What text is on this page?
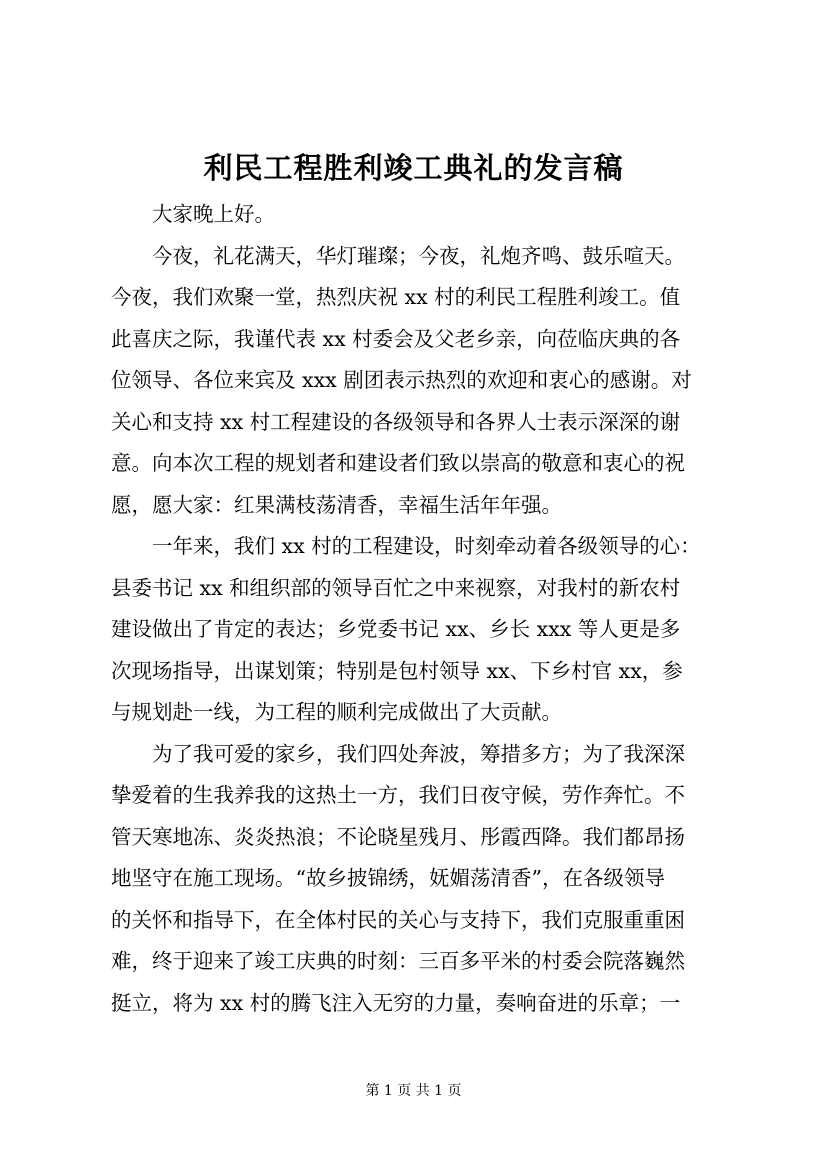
利民工程胜利竣工典礼的发言稿

大家晚上好。

今夜，礼花满天，华灯璀璨；今夜，礼炮齐鸣、鼓乐喧天。
今夜，我们欢聚一堂，热烈庆祝 xx 村的利民工程胜利竣工。值
此喜庆之际，我谨代表 xx 村委会及父老乡亲，向莅临庆典的各
位领导、各位来宾及 xxx 剧团表示热烈的欢迎和衷心的感谢。对
关心和支持 xx 村工程建设的各级领导和各界人士表示深深的谢
意。向本次工程的规划者和建设者们致以崇高的敬意和衷心的祝
愿，愿大家：红果满枝荡清香，幸福生活年年强。

一年来，我们 xx 村的工程建设，时刻牵动着各级领导的心：
县委书记 xx 和组织部的领导百忙之中来视察，对我村的新农村
建设做出了肯定的表达；乡党委书记 xx、乡长 xxx 等人更是多
次现场指导，出谋划策；特别是包村领导 xx、下乡村官 xx，参
与规划赴一线，为工程的顺利完成做出了大贡献。

为了我可爱的家乡，我们四处奔波，筹措多方；为了我深深
挚爱着的生我养我的这热土一方，我们日夜守候，劳作奔忙。不
管天寒地冻、炎炎热浪；不论晓星残月、彤霞西降。我们都昂扬
地坚守在施工现场。“故乡披锦绣，妩媚荡清香”，在各级领导
的关怀和指导下，在全体村民的关心与支持下，我们克服重重困
难，终于迎来了竣工庆典的时刻：三百多平米的村委会院落巍然
挺立，将为 xx 村的腾飞注入无穷的力量，奏响奋进的乐章；一

第 1 页 共 1 页
